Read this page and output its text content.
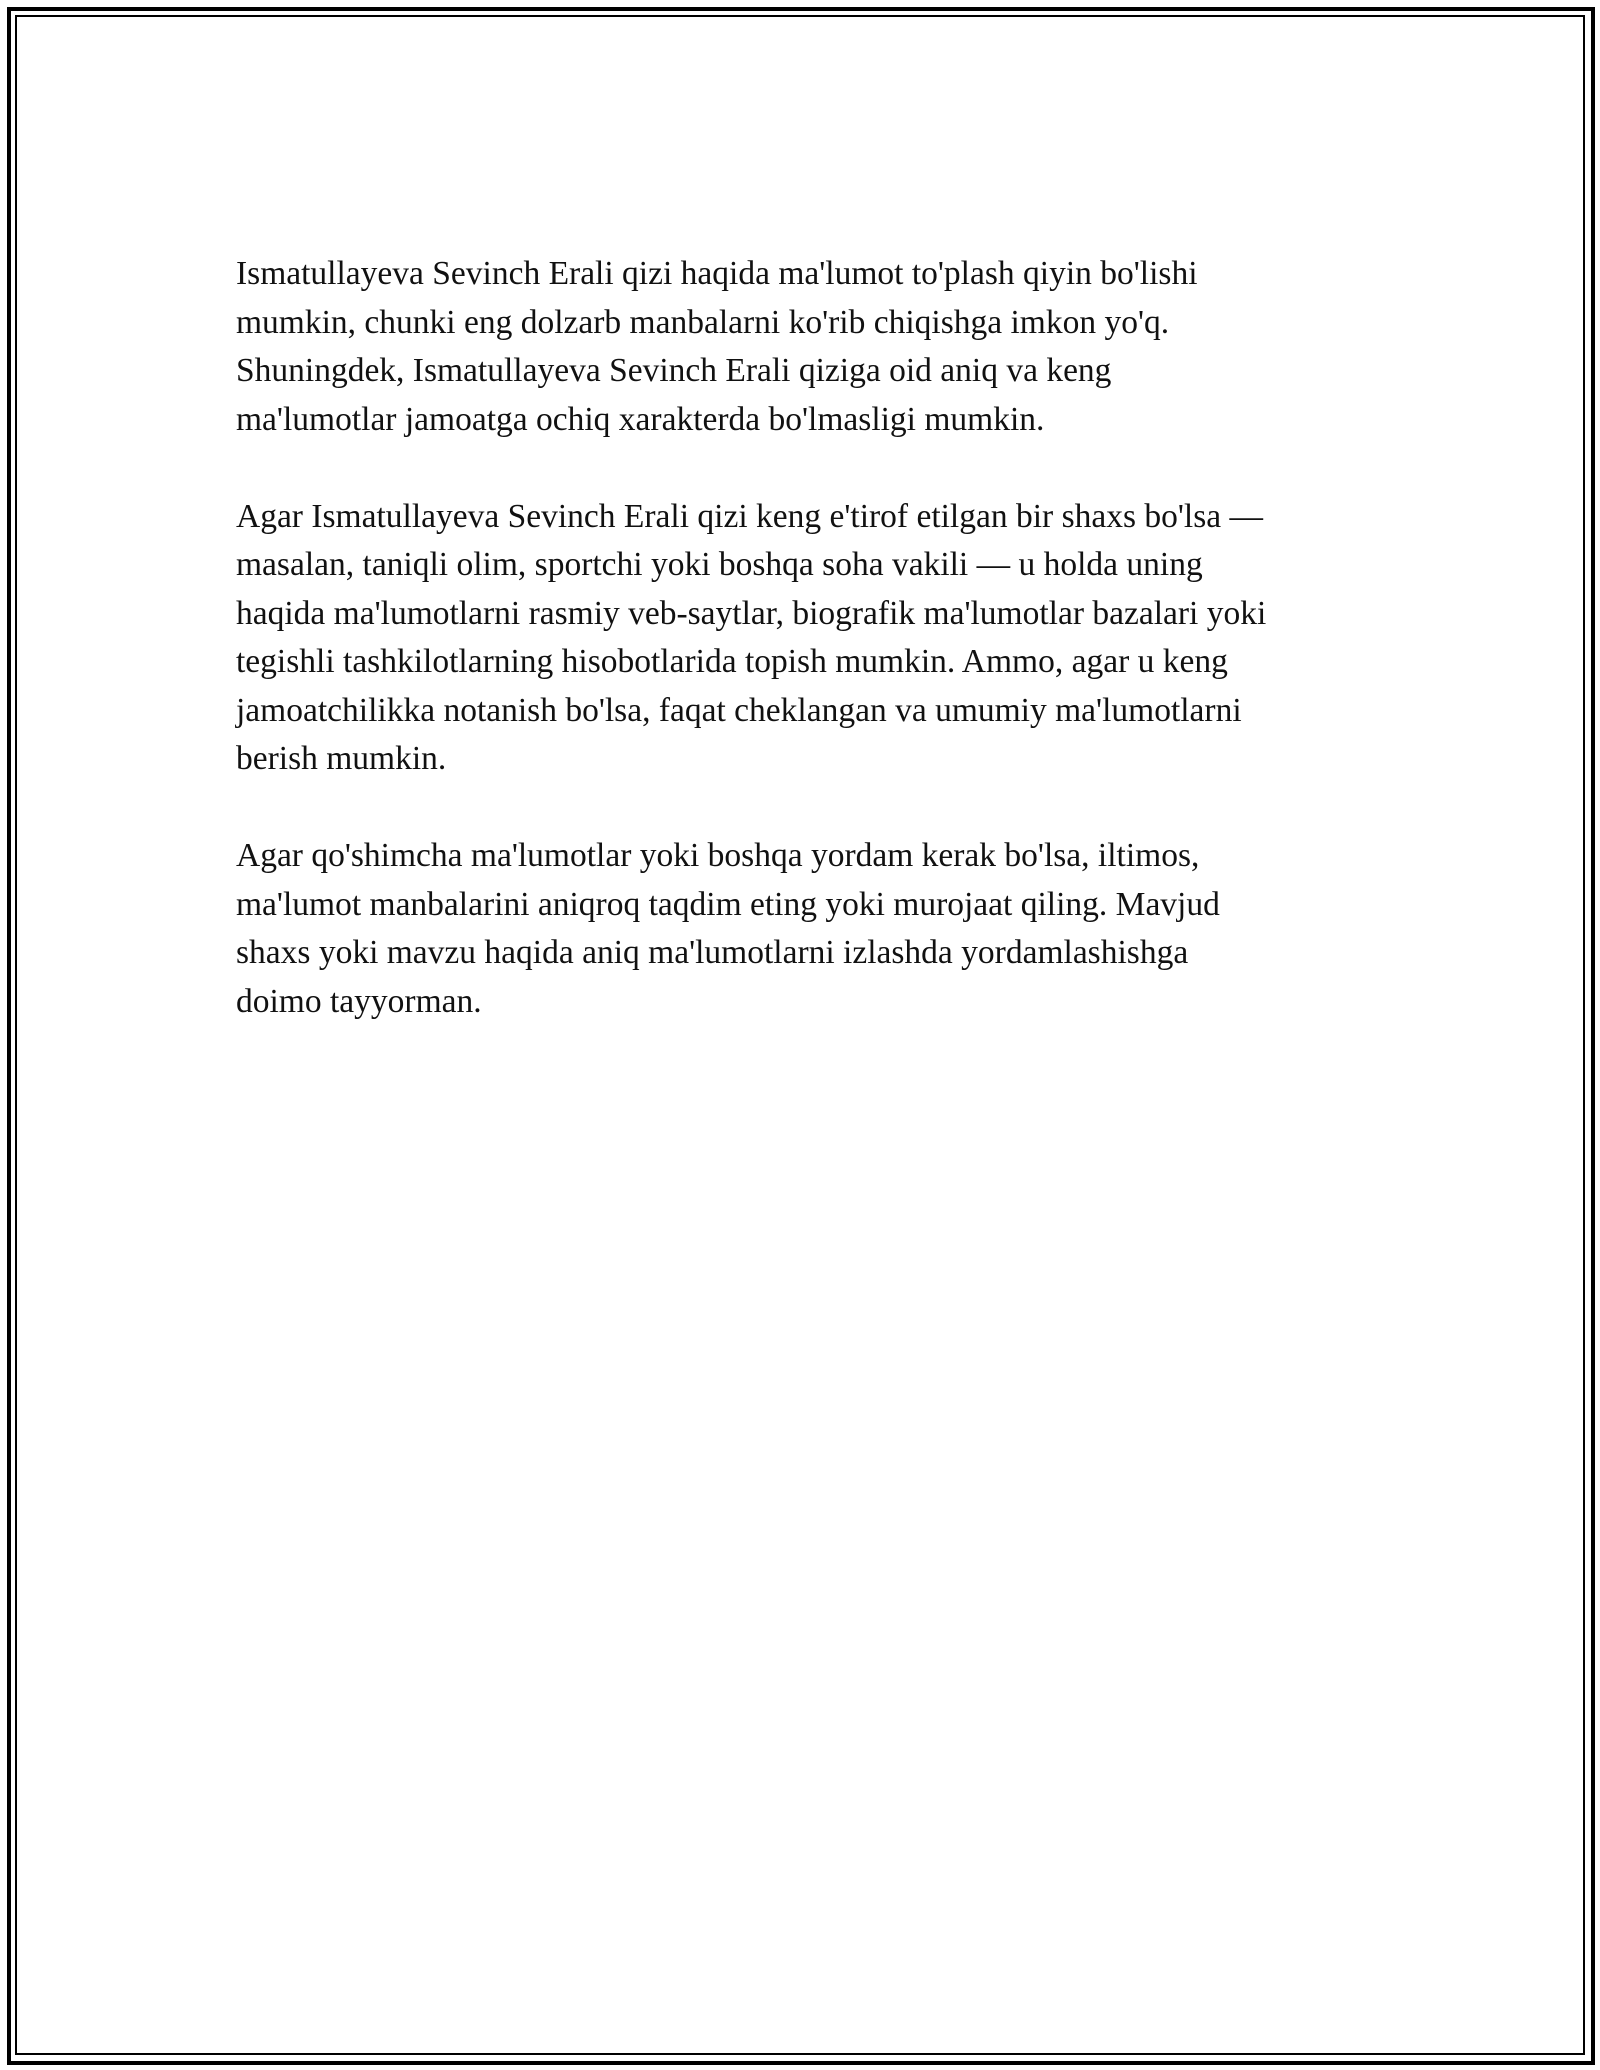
Ismatullayeva Sevinch Erali qizi haqida ma'lumot to'plash qiyin bo'lishi
mumkin, chunki eng dolzarb manbalarni ko'rib chiqishga imkon yo'q.
Shuningdek, Ismatullayeva Sevinch Erali qiziga oid aniq va keng
ma'lumotlar jamoatga ochiq xarakterda bo'lmasligi mumkin.

Agar Ismatullayeva Sevinch Erali qizi keng e'tirof etilgan bir shaxs bo'lsa —
masalan, taniqli olim, sportchi yoki boshqa soha vakili — u holda uning
haqida ma'lumotlarni rasmiy veb-saytlar, biografik ma'lumotlar bazalari yoki
tegishli tashkilotlarning hisobotlarida topish mumkin. Ammo, agar u keng
jamoatchilikka notanish bo'lsa, faqat cheklangan va umumiy ma'lumotlarni
berish mumkin.

Agar qo'shimcha ma'lumotlar yoki boshqa yordam kerak bo'lsa, iltimos,
ma'lumot manbalarini aniqroq taqdim eting yoki murojaat qiling. Mavjud
shaxs yoki mavzu haqida aniq ma'lumotlarni izlashda yordamlashishga
doimo tayyorman.
